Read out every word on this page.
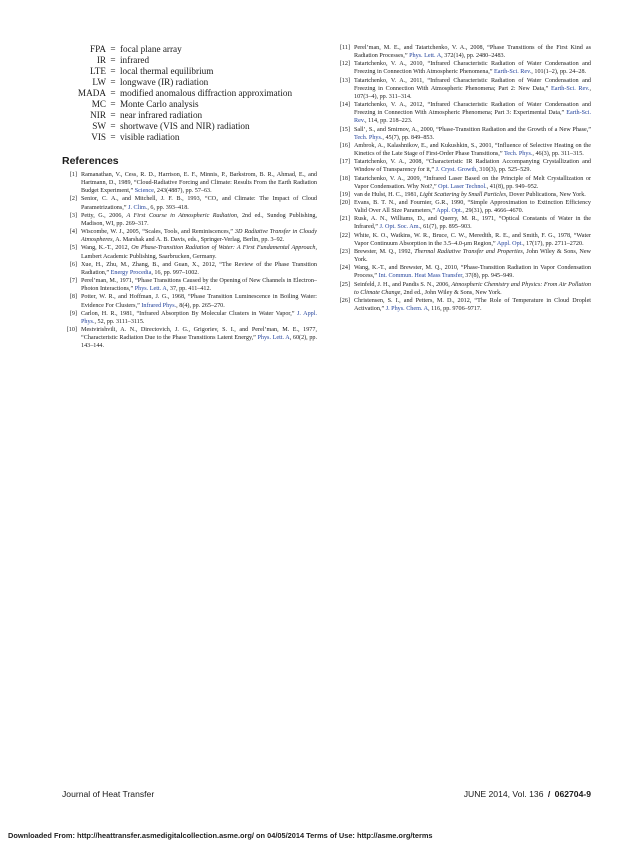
FPA = focal plane array
IR = infrared
LTE = local thermal equilibrium
LW = longwave (IR) radiation
MADA = modified anomalous diffraction approximation
MC = Monte Carlo analysis
NIR = near infrared radiation
SW = shortwave (VIS and NIR) radiation
VIS = visible radiation
References
[1] Ramanathan, V., Cess, R. D., Harrison, E. F., Minnis, P., Barkstrom, B. R., Ahmad, E., and Hartmann, D., 1989, “Cloud-Radiative Forcing and Climate: Results From the Earth Radiation Budget Experiment,” Science, 243(4887), pp. 57–63.
[2] Senior, C. A., and Mitchell, J. F. B., 1993, “CO₂ and Climate: The Impact of Cloud Parametrizations,” J. Clim., 6, pp. 393–418.
[3] Petty, G., 2006, A First Course in Atmospheric Radiation, 2nd ed., Sundog Publishing, Madison, WI, pp. 269–317.
[4] Wiscombe, W. J., 2005, “Scales, Tools, and Reminiscences,” 3D Radiative Transfer in Cloudy Atmospheres, A. Marshak and A. B. Davis, eds., Springer-Verlag, Berlin, pp. 3–92.
[5] Wang, K.-T., 2012, On Phase-Transition Radiation of Water: A First Fundamental Approach, Lambert Academic Publishing, Saarbrucken, Germany.
[6] Xue, H., Zhu, M., Zhang, B., and Guan, X., 2012, “The Review of the Phase Transition Radiation,” Energy Procedia, 16, pp. 997–1002.
[7] Perel’man, M., 1971, “Phase Transitions Caused by the Opening of New Channels in Electron–Photon Interactions,” Phys. Lett. A, 37, pp. 411–412.
[8] Potter, W. R., and Hoffman, J. G., 1968, “Phase Transition Luminescence in Boiling Water: Evidence For Clusters,” Infrared Phys., 8(4), pp. 265–270.
[9] Carlon, H. R., 1981, “Infrared Absorption By Molecular Clusters in Water Vapor,” J. Appl. Phys., 52, pp. 3111–3115.
[10] Mestvirishvili, A. N., Directovich, J. G., Grigoriev, S. I., and Perel’man, M. E., 1977, “Characteristic Radiation Due to the Phase Transitions Latent Energy,” Phys. Lett. A, 60(2), pp. 143–144.
[11] Perel’man, M. E., and Tatartchenko, V. A., 2008, “Phase Transitions of the First Kind as Radiation Processes,” Phys. Lett. A, 372(14), pp. 2480–2483.
[12] Tatartchenko, V. A., 2010, “Infrared Characteristic Radiation of Water Condensation and Freezing in Connection With Atmospheric Phenomena,” Earth-Sci. Rev., 101(1–2), pp. 24–28.
[13] Tatartchenko, V. A., 2011, “Infrared Characteristic Radiation of Water Condensation and Freezing in Connection With Atmospheric Phenomena; Part 2: New Data,” Earth-Sci. Rev., 107(3–4), pp. 311–314.
[14] Tatartchenko, V. A., 2012, “Infrared Characteristic Radiation of Water Condensation and Freezing in Connection With Atmospheric Phenomena; Part 3: Experimental Data,” Earth-Sci. Rev., 114, pp. 218–223.
[15] Sall’, S., and Smirnov, A., 2000, “Phase-Transition Radiation and the Growth of a New Phase,” Tech. Phys., 45(7), pp. 849–853.
[16] Ambrok, A., Kalashnikov, E., and Kukushkin, S., 2001, “Influence of Selective Heating on the Kinetics of the Late Stage of First-Order Phase Transitions,” Tech. Phys., 46(3), pp. 311–315.
[17] Tatartchenko, V. A., 2008, “Characteristic IR Radiation Accompanying Crystallization and Window of Transparency for it,” J. Cryst. Growth, 310(3), pp. 525–529.
[18] Tatartchenko, V. A., 2009, “Infrared Laser Based on the Principle of Melt Crystallization or Vapor Condensation. Why Not?,” Opt. Laser Technol., 41(8), pp. 949–952.
[19] van de Hulst, H. C., 1981, Light Scattering by Small Particles, Dover Publications, New York.
[20] Evans, B. T. N., and Fournier, G.R., 1990, “Simple Approximation to Extinction Efficiency Valid Over All Size Parameters,” Appl. Opt., 29(31), pp. 4666–4670.
[21] Rusk, A. N., Williams, D., and Querry, M. R., 1971, “Optical Constants of Water in the Infrared,” J. Opt. Soc. Am., 61(7), pp. 895–903.
[22] White, K. O., Watkins, W. R., Bruce, C. W., Meredith, R. E., and Smith, F. G., 1978, “Water Vapor Continuum Absorption in the 3.5–4.0-μm Region,” Appl. Opt., 17(17), pp. 2711–2720.
[23] Brewster, M. Q., 1992, Thermal Radiative Transfer and Properties, John Wiley & Sons, New York.
[24] Wang, K.-T., and Brewster, M. Q., 2010, “Phase-Transition Radiation in Vapor Condensation Process,” Int. Commun. Heat Mass Transfer, 37(8), pp. 945–949.
[25] Seinfeld, J. H., and Pandis S. N., 2006, Atmospheric Chemistry and Physics: From Air Pollution to Climate Change, 2nd ed., John Wiley & Sons, New York.
[26] Christensen, S. I., and Petters, M. D., 2012, “The Role of Temperature in Cloud Droplet Activation,” J. Phys. Chem. A, 116, pp. 9706–9717.
Journal of Heat Transfer	JUNE 2014, Vol. 136 / 062704-9
Downloaded From: http://heattransfer.asmedigitalcollection.asme.org/ on 04/05/2014 Terms of Use: http://asme.org/terms
